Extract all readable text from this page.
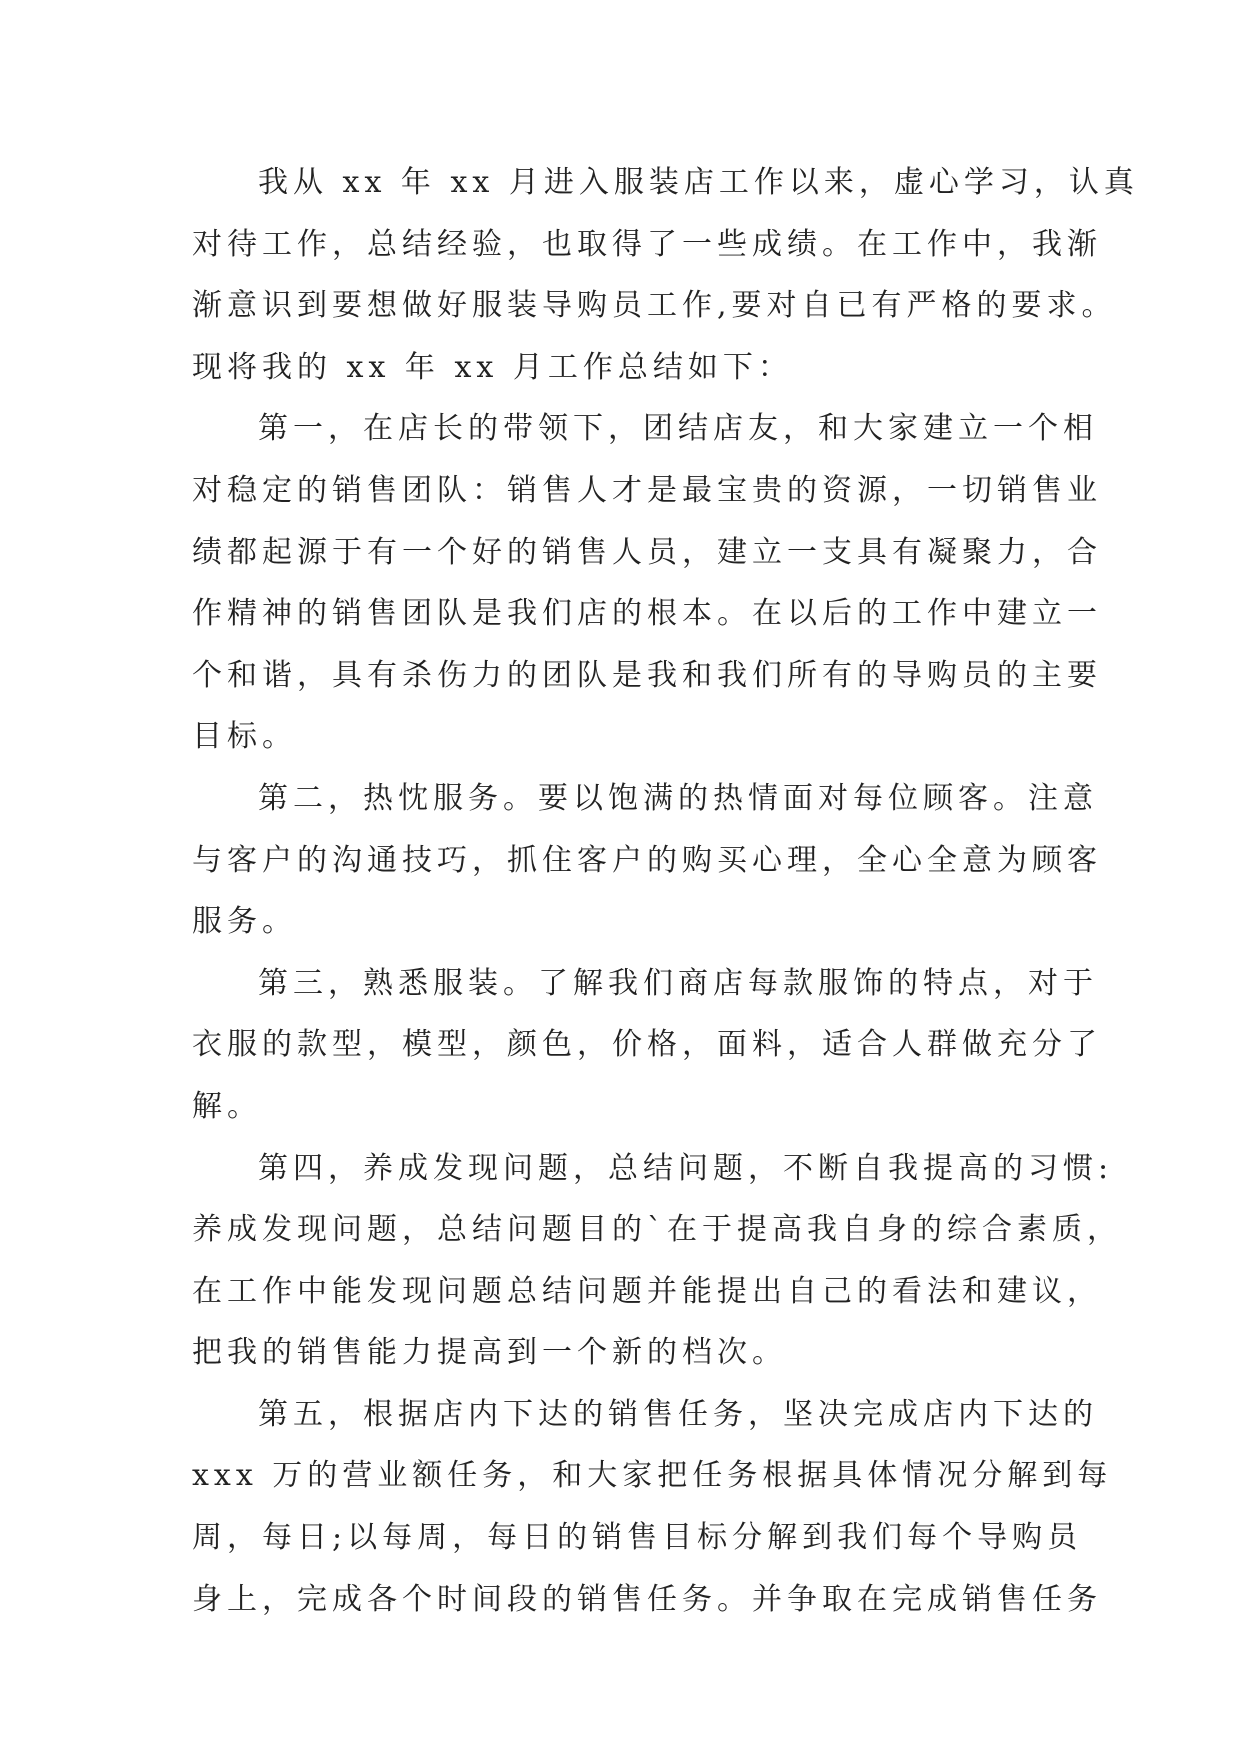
我从 xx 年 xx 月进入服装店工作以来，虚心学习，认真
对待工作，总结经验，也取得了一些成绩。在工作中，我渐
渐意识到要想做好服装导购员工作,要对自已有严格的要求。
现将我的 xx 年 xx 月工作总结如下：
第一，在店长的带领下，团结店友，和大家建立一个相
对稳定的销售团队：销售人才是最宝贵的资源，一切销售业
绩都起源于有一个好的销售人员，建立一支具有凝聚力，合
作精神的销售团队是我们店的根本。在以后的工作中建立一
个和谐，具有杀伤力的团队是我和我们所有的导购员的主要
目标。
第二，热忱服务。要以饱满的热情面对每位顾客。注意
与客户的沟通技巧，抓住客户的购买心理，全心全意为顾客
服务。
第三，熟悉服装。了解我们商店每款服饰的特点，对于
衣服的款型，模型，颜色，价格，面料，适合人群做充分了
解。
第四，养成发现问题，总结问题，不断自我提高的习惯:
养成发现问题，总结问题目的`在于提高我自身的综合素质，
在工作中能发现问题总结问题并能提出自己的看法和建议，
把我的销售能力提高到一个新的档次。
第五，根据店内下达的销售任务，坚决完成店内下达的
xxx 万的营业额任务，和大家把任务根据具体情况分解到每
周，每日;以每周，每日的销售目标分解到我们每个导购员
身上，完成各个时间段的销售任务。并争取在完成销售任务
